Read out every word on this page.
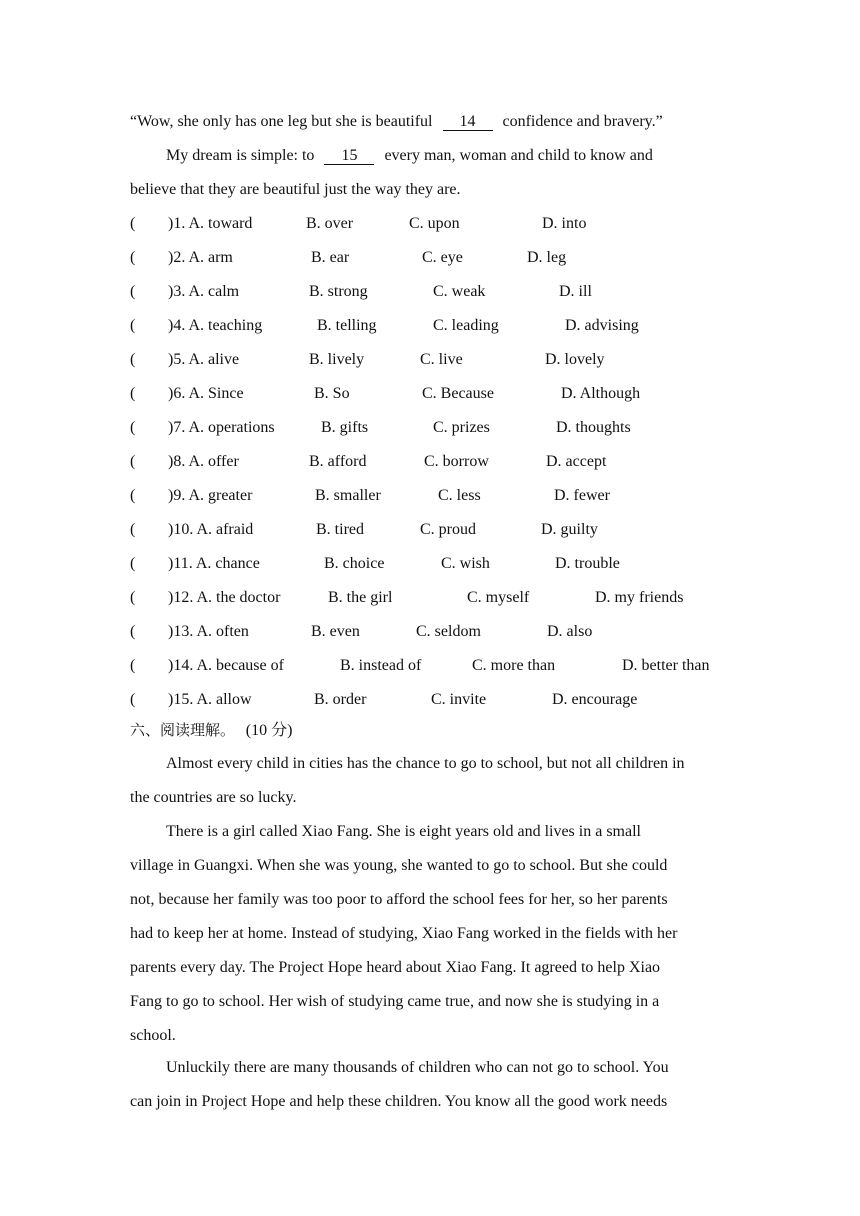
“Wow, she only has one leg but she is beautiful 14 confidence and bravery.”
My dream is simple: to 15 every man, woman and child to know and
believe that they are beautiful just the way they are.
( )1. A. toward	B. over	C. upon	D. into
( )2. A. arm	B. ear	C. eye	D. leg
( )3. A. calm	B. strong	C. weak	D. ill
( )4. A. teaching	B. telling	C. leading	D. advising
( )5. A. alive	B. lively	C. live	D. lovely
( )6. A. Since	B. So	C. Because	D. Although
( )7. A. operations	B. gifts	C. prizes	D. thoughts
( )8. A. offer	B. afford	C. borrow	D. accept
( )9. A. greater	B. smaller	C. less	D. fewer
( )10. A. afraid	B. tired	C. proud	D. guilty
( )11. A. chance	B. choice	C. wish	D. trouble
( )12. A. the doctor	B. the girl	C. myself	D. my friends
( )13. A. often	B. even	C. seldom	D. also
( )14. A. because of	B. instead of	C. more than	D. better than
( )15. A. allow	B. order	C. invite	D. encourage
六、阅读理解。 (10 分)
Almost every child in cities has the chance to go to school, but not all children in
the countries are so lucky.
There is a girl called Xiao Fang. She is eight years old and lives in a small
village in Guangxi. When she was young, she wanted to go to school. But she could
not, because her family was too poor to afford the school fees for her, so her parents
had to keep her at home. Instead of studying, Xiao Fang worked in the fields with her
parents every day. The Project Hope heard about Xiao Fang. It agreed to help Xiao
Fang to go to school. Her wish of studying came true, and now she is studying in a
school.
Unluckily there are many thousands of children who can not go to school. You
can join in Project Hope and help these children. You know all the good work needs
